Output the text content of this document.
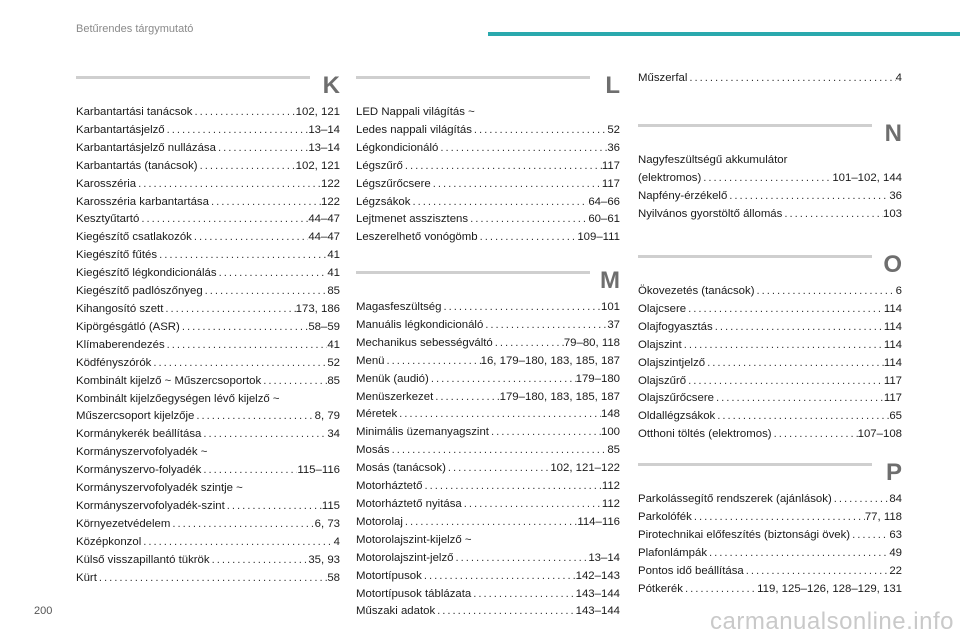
Betűrendes tárgymutató
K
Karbantartási tanácsok . . .	102, 121
Karbantartásjelző . . .	13–14
Karbantartásjelző nullázása . . .	13–14
Karbantartás (tanácsok) . . .	102, 121
Karosszéria . . .	122
Karosszéria karbantartása . . .	122
Kesztyűtartó . . .	44–47
Kiegészítő csatlakozók . . .	44–47
Kiegészítő fűtés . . .	41
Kiegészítő légkondicionálás . . .	41
Kiegészítő padlószőnyeg . . .	85
Kihangosító szett . . .	173, 186
Kipörgésgátló (ASR) . . .	58–59
Klímaberendezés . . .	41
Ködfényszórók . . .	52
Kombinált kijelző ~ Műszercsoportok . . .	85
Kombinált kijelzőegységen lévő kijelző ~
Műszercsoport kijelzője . . .	8, 79
Kormánykerék beállítása . . .	34
Kormányszervofolyadék ~
Kormányszervo-folyadék . . .	115–116
Kormányszervofolyadék szintje ~
Kormányszervofolyadék-szint . . .	115
Környezetvédelem . . .	6, 73
Középkonzol . . .	4
Külső visszapillantó tükrök . . .	35, 93
Kürt . . .	58
L
LED Nappali világítás ~
Ledes nappali világítás . . .	52
Légkondicionáló . . .	36
Légszűrő . . .	117
Légszűrőcsere . . .	117
Légzsákok . . .	64–66
Lejtmenet asszisztens . . .	60–61
Leszerelhető vonógömb . . .	109–111
M
Magasfeszültség . . .	101
Manuális légkondicionáló . . .	37
Mechanikus sebességváltó . . .	79–80, 118
Menü . . .	16, 179–180, 183, 185, 187
Menük (audió) . . .	179–180
Menüszerkezet . . .	179–180, 183, 185, 187
Méretek . . .	148
Minimális üzemanyagszint . . .	100
Mosás . . .	85
Mosás (tanácsok) . . .	102, 121–122
Motorháztető . . .	112
Motorháztető nyitása . . .	112
Motorolaj . . .	114–116
Motorolajszint-kijelző ~
Motorolajszint-jelző . . .	13–14
Motortípusok . . .	142–143
Motortípusok táblázata . . .	143–144
Műszaki adatok . . .	143–144
Műszerfal . . .	4
N
Nagyfeszültségű akkumulátor
(elektromos) . . .	101–102, 144
Napfény-érzékelő . . .	36
Nyilvános gyorstöltő állomás . . .	103
O
Ökovezetés (tanácsok) . . .	6
Olajcsere . . .	114
Olajfogyasztás . . .	114
Olajszint . . .	114
Olajszintjelző . . .	114
Olajszűrő . . .	117
Olajszűrőcsere . . .	117
Oldallégzsákok . . .	65
Otthoni töltés (elektromos) . . .	107–108
P
Parkolássegítő rendszerek (ajánlások) . . .	84
Parkolófék . . .	77, 118
Pirotechnikai előfeszítés (biztonsági övek) . . .	63
Plafonlámpák . . .	49
Pontos idő beállítása . . .	22
Pótkerék . . .	119, 125–126, 128–129, 131
200	carmanualsonline.info
